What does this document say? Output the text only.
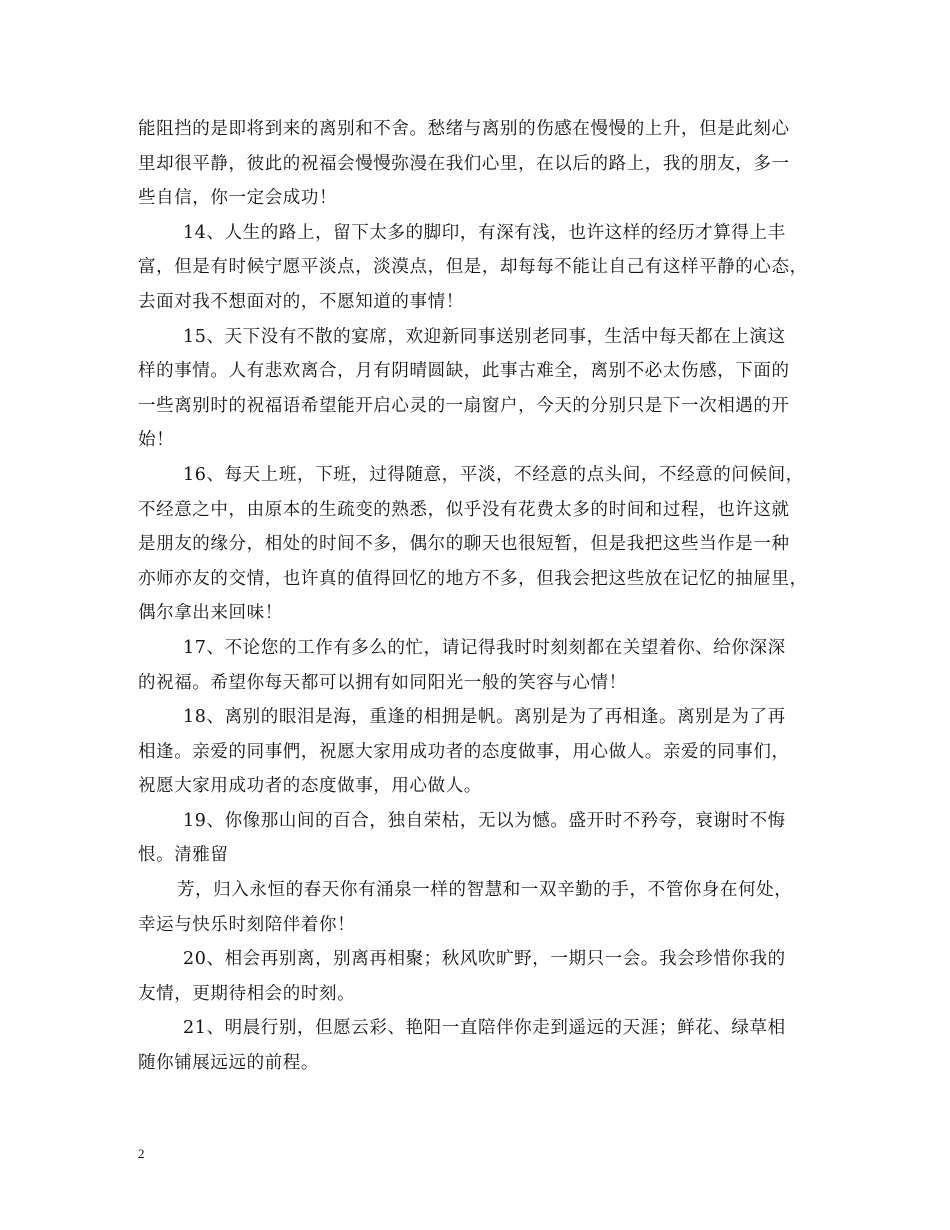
能阻挡的是即将到来的离别和不舍。愁绪与离别的伤感在慢慢的上升，但是此刻心
里却很平静，彼此的祝福会慢慢弥漫在我们心里，在以后的路上，我的朋友，多一
些自信，你一定会成功！
14、人生的路上，留下太多的脚印，有深有浅，也许这样的经历才算得上丰
富，但是有时候宁愿平淡点，淡漠点，但是，却每每不能让自己有这样平静的心态，
去面对我不想面对的，不愿知道的事情！
15、天下没有不散的宴席，欢迎新同事送别老同事，生活中每天都在上演这
样的事情。人有悲欢离合，月有阴晴圆缺，此事古难全，离别不必太伤感，下面的
一些离别时的祝福语希望能开启心灵的一扇窗户，今天的分别只是下一次相遇的开
始！
16、每天上班，下班，过得随意，平淡，不经意的点头间，不经意的问候间，
不经意之中，由原本的生疏变的熟悉，似乎没有花费太多的时间和过程，也许这就
是朋友的缘分，相处的时间不多，偶尔的聊天也很短暂，但是我把这些当作是一种
亦师亦友的交情，也许真的值得回忆的地方不多，但我会把这些放在记忆的抽屉里，
偶尔拿出来回味！
17、不论您的工作有多么的忙，请记得我时时刻刻都在关望着你、给你深深
的祝福。希望你每天都可以拥有如同阳光一般的笑容与心情！
18、离别的眼泪是海，重逢的相拥是帆。离别是为了再相逢。离别是为了再
相逢。亲爱的同事們，祝愿大家用成功者的态度做事，用心做人。亲爱的同事们，
祝愿大家用成功者的态度做事，用心做人。
19、你像那山间的百合，独自荣枯，无以为憾。盛开时不矜夸，衰谢时不悔
恨。清雅留
芳，归入永恒的春天你有涌泉一样的智慧和一双辛勤的手，不管你身在何处，
幸运与快乐时刻陪伴着你！
20、相会再别离，别离再相聚；秋风吹旷野，一期只一会。我会珍惜你我的
友情，更期待相会的时刻。
21、明晨行别，但愿云彩、艳阳一直陪伴你走到遥远的天涯；鲜花、绿草相
随你铺展远远的前程。
2
